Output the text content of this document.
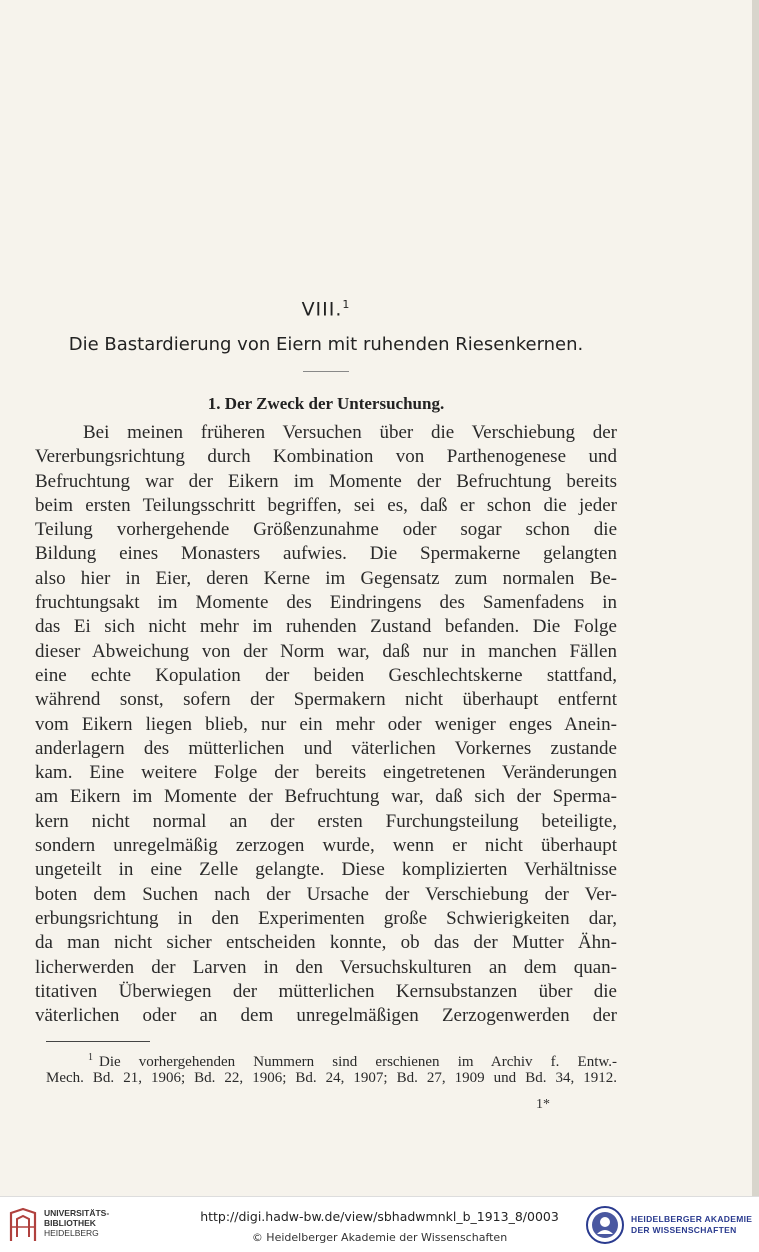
VIII.$^1$
Die Bastardierung von Eiern mit ruhenden Riesenkernen.
1. Der Zweck der Untersuchung.
Bei meinen früheren Versuchen über die Verschiebung der
Vererbungsrichtung durch Kombination von Parthenogenese und
Befruchtung war der Eikern im Momente der Befruchtung bereits
beim ersten Teilungsschritt begriffen, sei es, daß er schon die jeder
Teilung vorhergehende Größenzunahme oder sogar schon die
Bildung eines Monasters aufwies. Die Spermakerne gelangten
also hier in Eier, deren Kerne im Gegensatz zum normalen Be-
fruchtungsakt im Momente des Eindringens des Samenfadens in
das Ei sich nicht mehr im ruhenden Zustand befanden. Die Folge
dieser Abweichung von der Norm war, daß nur in manchen Fällen
eine echte Kopulation der beiden Geschlechtskerne stattfand,
während sonst, sofern der Spermakern nicht überhaupt entfernt
vom Eikern liegen blieb, nur ein mehr oder weniger enges Anein-
anderlagern des mütterlichen und väterlichen Vorkernes zustande
kam. Eine weitere Folge der bereits eingetretenen Veränderungen
am Eikern im Momente der Befruchtung war, daß sich der Sperma-
kern nicht normal an der ersten Furchungsteilung beteiligte,
sondern unregelmäßig zerzogen wurde, wenn er nicht überhaupt
ungeteilt in eine Zelle gelangte. Diese komplizierten Verhältnisse
boten dem Suchen nach der Ursache der Verschiebung der Ver-
erbungsrichtung in den Experimenten große Schwierigkeiten dar,
da man nicht sicher entscheiden konnte, ob das der Mutter Ähn-
licherwerden der Larven in den Versuchskulturen an dem quan-
titativen Überwiegen der mütterlichen Kernsubstanzen über die
väterlichen oder an dem unregelmäßigen Zerzogenwerden der
$^1$ Die vorhergehenden Nummern sind erschienen im Archiv f. Entw.-
Mech. Bd. 21, 1906; Bd. 22, 1906; Bd. 24, 1907; Bd. 27, 1909 und Bd. 34, 1912.
1*
UNIVERSITÄTS-
BIBLIOTHEK
HEIDELBERG
http://digi.hadw-bw.de/view/sbhadwmnkl_b_1913_8/0003
© Heidelberger Akademie der Wissenschaften
HEIDELBERGER AKADEMIE
DER WISSENSCHAFTEN
